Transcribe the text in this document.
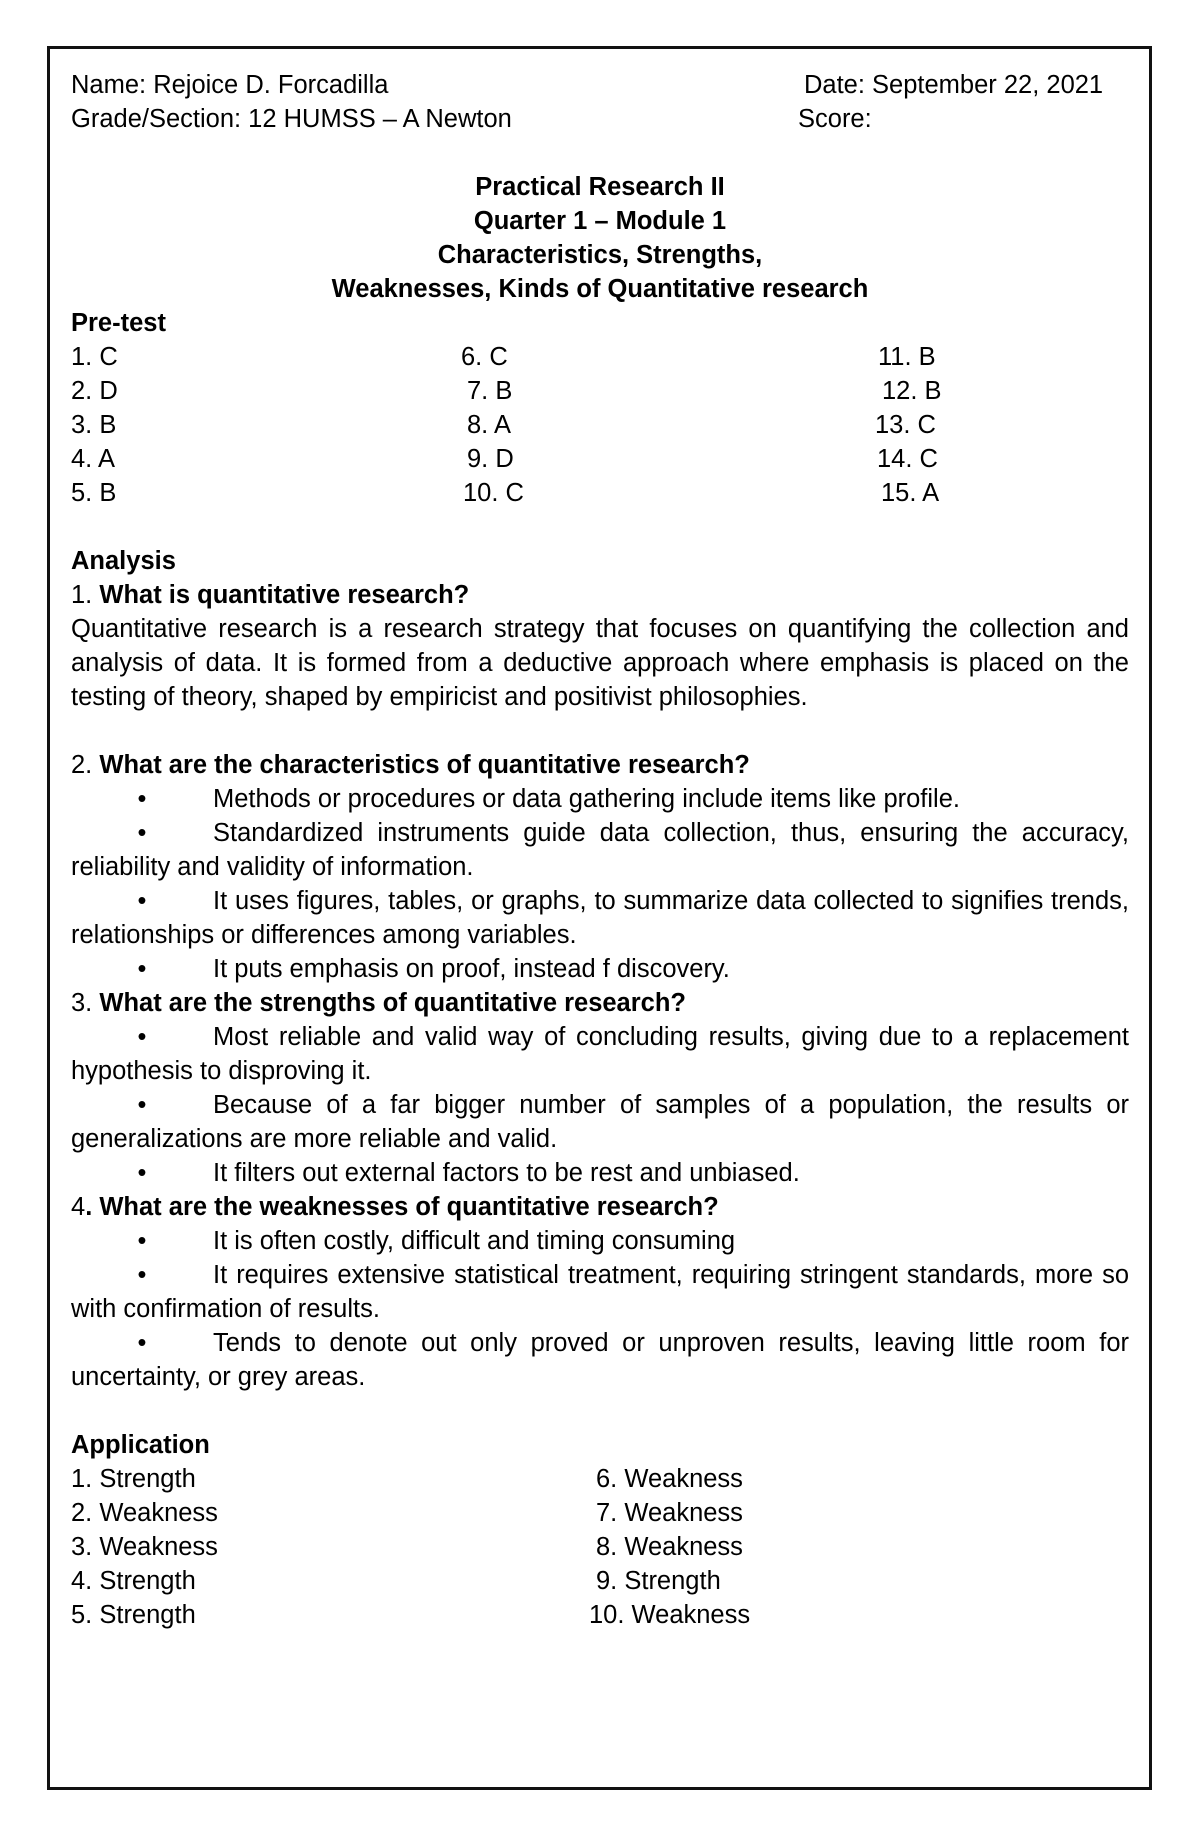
Name: Rejoice D. Forcadilla	Date: September 22, 2021
Grade/Section: 12 HUMSS – A Newton	Score:
Practical Research II
Quarter 1 – Module 1
Characteristics, Strengths,
Weaknesses, Kinds of Quantitative research
Pre-test
1. C	6. C	11. B
2. D	7. B	12. B
3. B	8. A	13. C
4. A	9. D	14. C
5. B	10. C	15. A
Analysis
1. What is quantitative research?
Quantitative research is a research strategy that focuses on quantifying the collection and analysis of data. It is formed from a deductive approach where emphasis is placed on the testing of theory, shaped by empiricist and positivist philosophies.
2. What are the characteristics of quantitative research?

•	Methods or procedures or data gathering include items like profile.

•	Standardized instruments guide data collection, thus, ensuring the accuracy, reliability and validity of information.

•	It uses figures, tables, or graphs, to summarize data collected to signifies trends, relationships or differences among variables.

•	It puts emphasis on proof, instead f discovery.

3. What are the strengths of quantitative research?

•	Most reliable and valid way of concluding results, giving due to a replacement hypothesis to disproving it.

•	Because of a far bigger number of samples of a population, the results or generalizations are more reliable and valid.

•	It filters out external factors to be rest and unbiased.

4. What are the weaknesses of quantitative research?

•	It is often costly, difficult and timing consuming

•	It requires extensive statistical treatment, requiring stringent standards, more so with confirmation of results.

•	Tends to denote out only proved or unproven results, leaving little room for uncertainty, or grey areas.

Application
1. Strength	6. Weakness
2. Weakness	7. Weakness
3. Weakness	8. Weakness
4. Strength	9. Strength
5. Strength	10. Weakness
